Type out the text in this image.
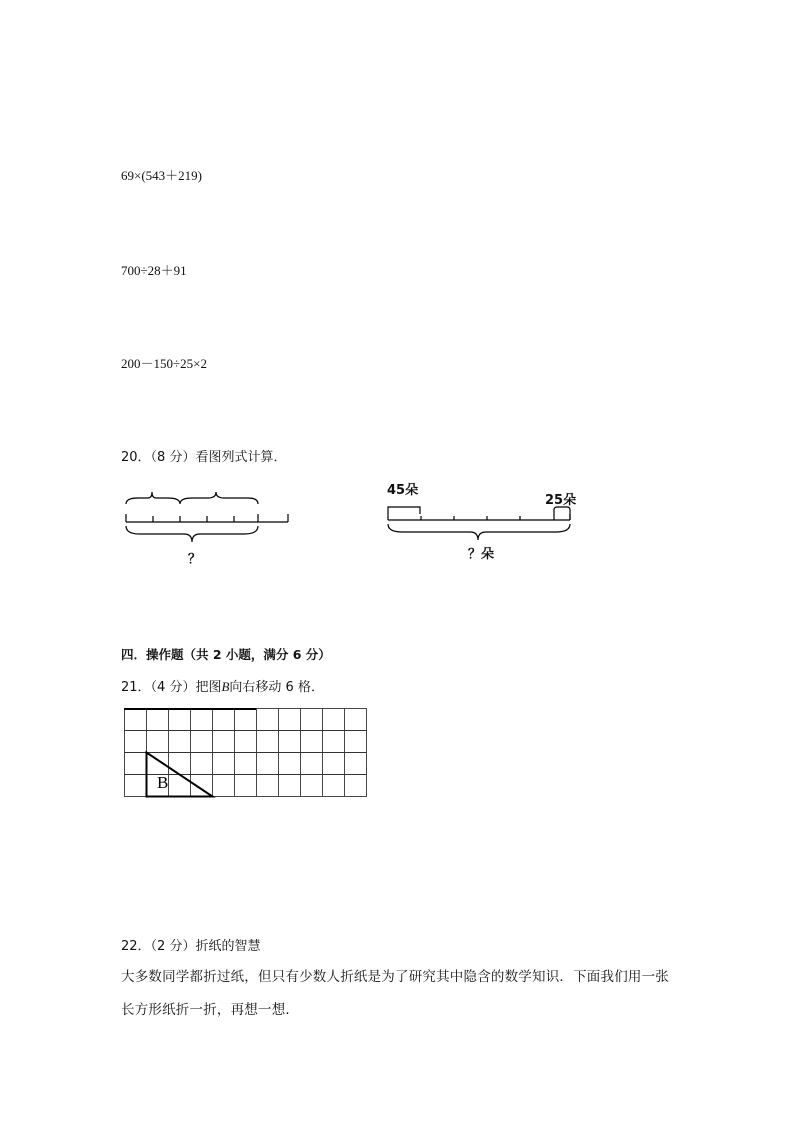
69×(543＋219)
700÷28＋91
200－150÷25×2
20．（8 分）看图列式计算．
？
45朵
25朵
？朵
四．操作题（共 2 小题，满分 6 分）
21．（4 分）把图B向右移动 6 格．
B
22．（2 分）折纸的智慧
大多数同学都折过纸，但只有少数人折纸是为了研究其中隐含的数学知识．下面我们用一张
长方形纸折一折，再想一想．
